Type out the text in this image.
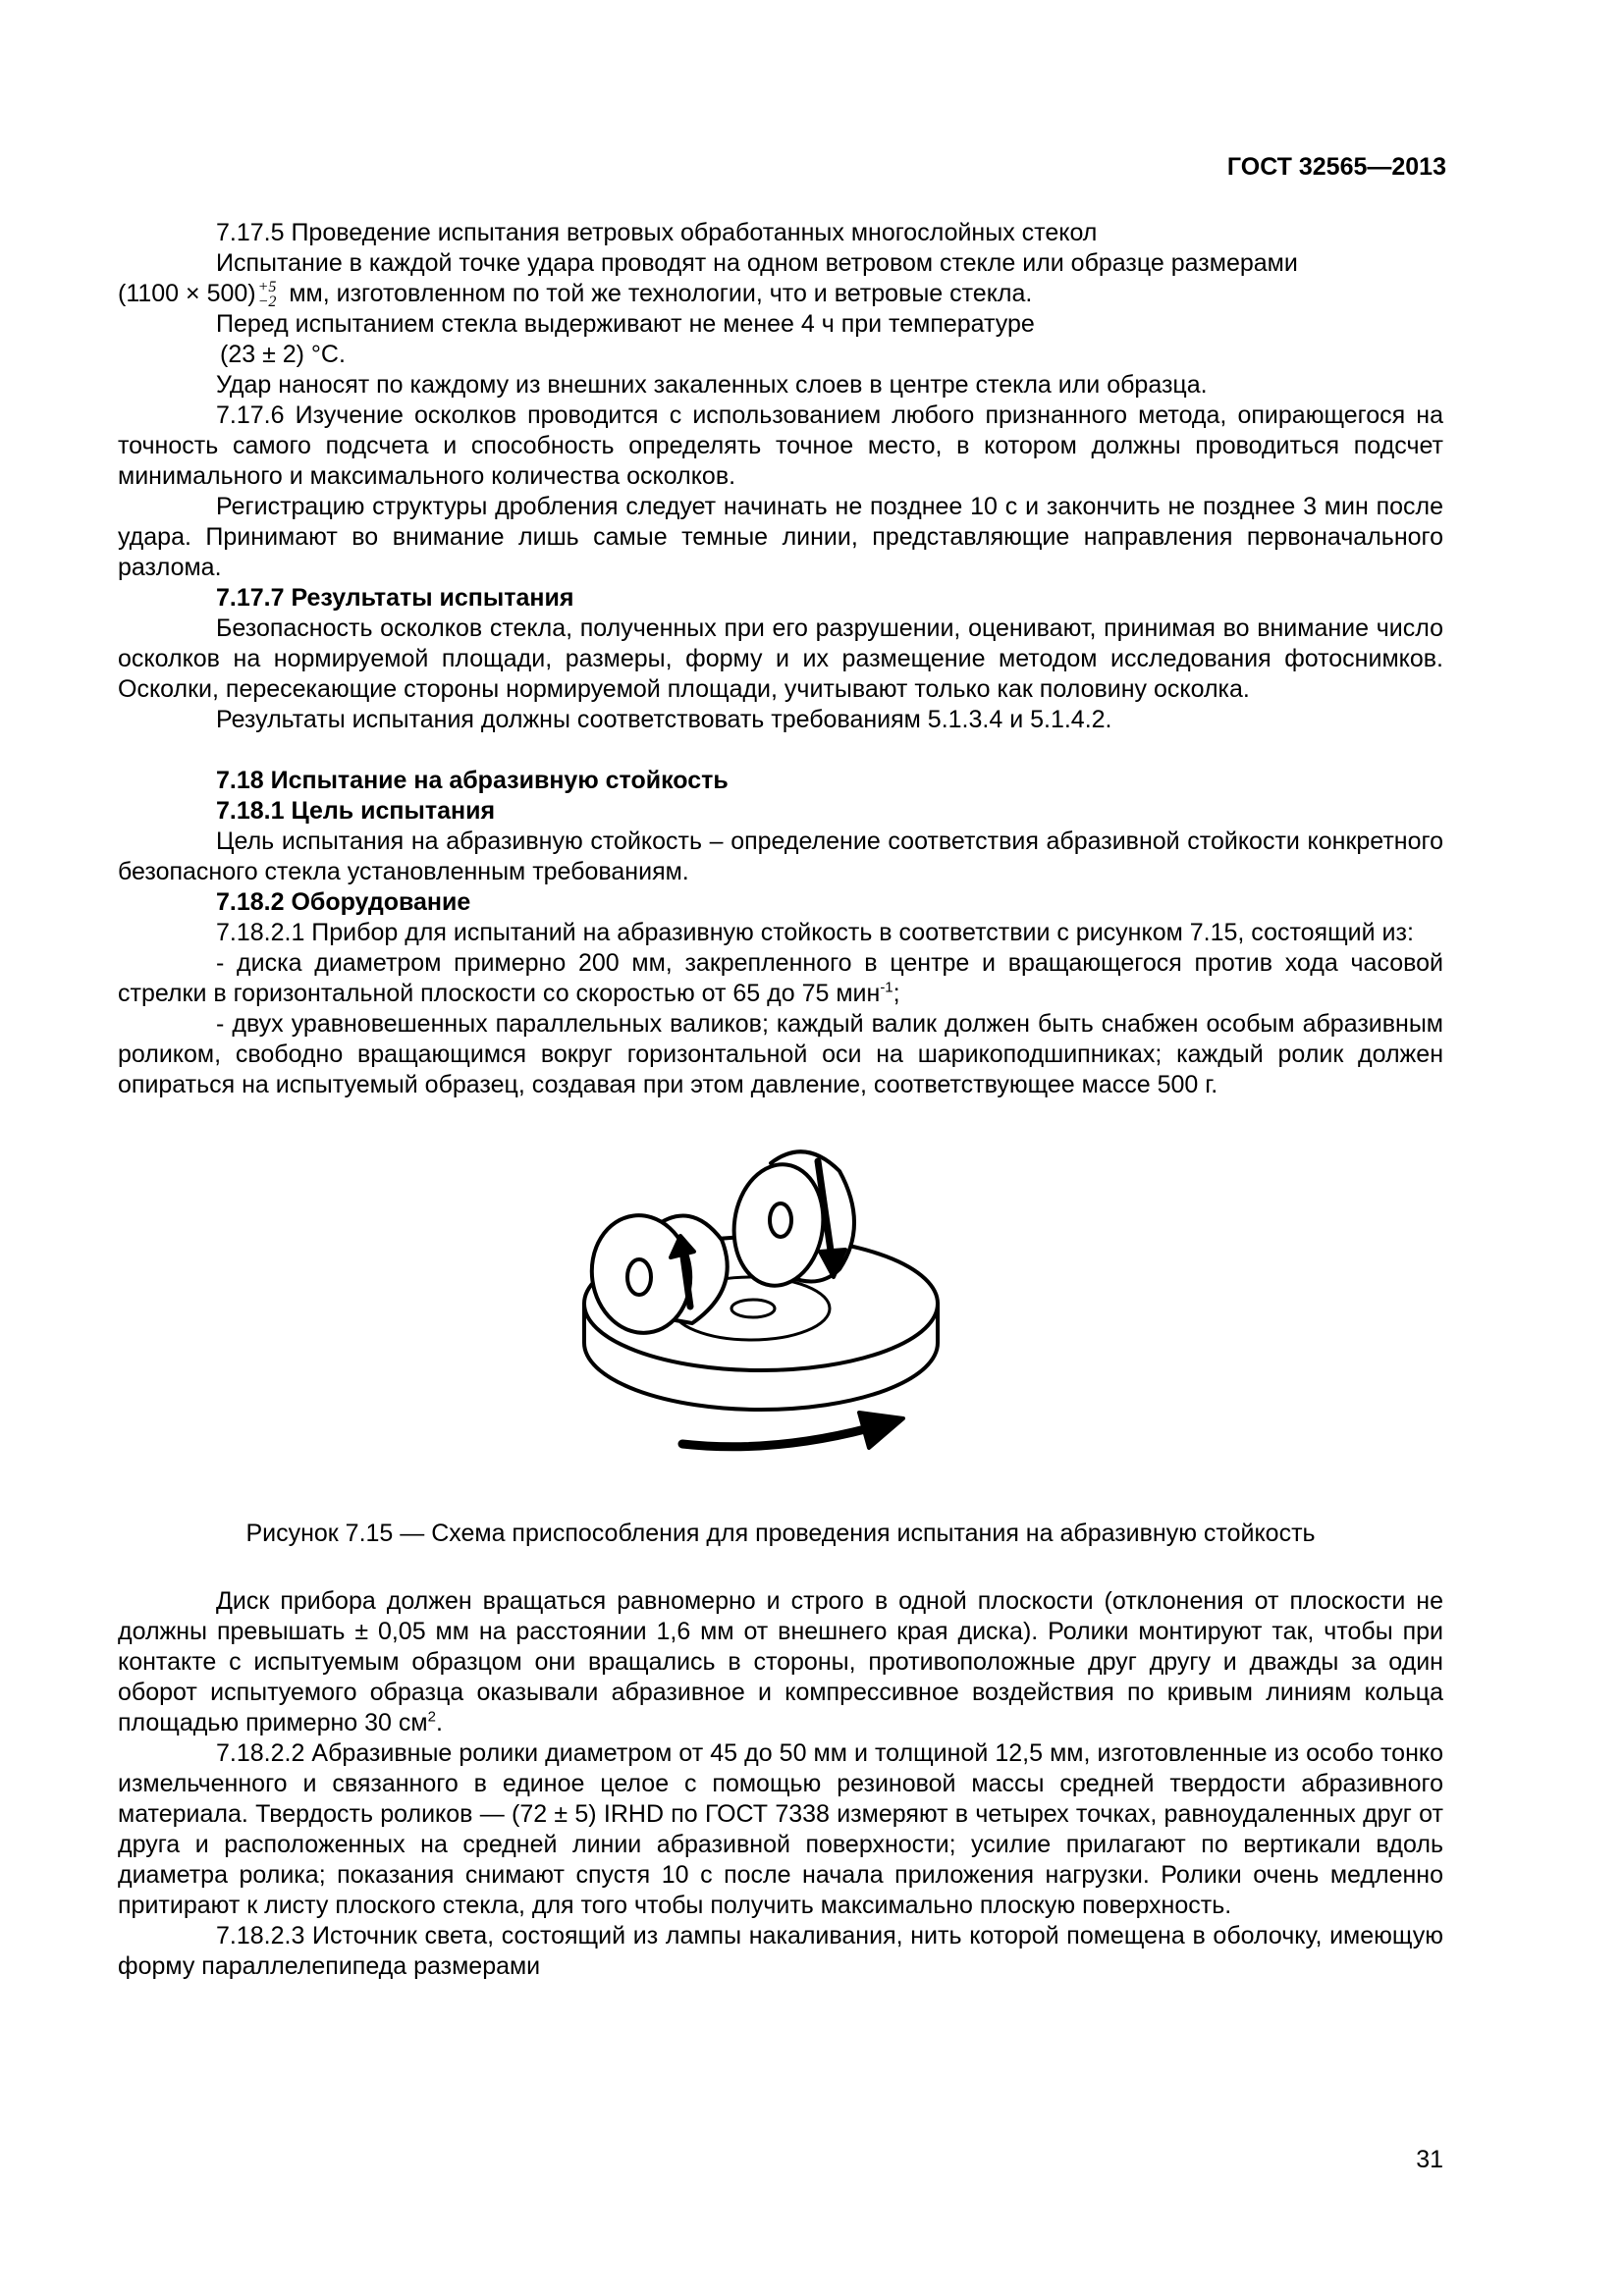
ГОСТ 32565—2013

7.17.5 Проведение испытания ветровых обработанных многослойных стекол

Испытание в каждой точке удара проводят на одном ветровом стекле или образце размерами

(1100 × 500) +5
−2 мм, изготовленном по той же технологии, что и ветровые стекла.

Перед испытанием стекла выдерживают не менее 4 ч при температуре

(23 ± 2) °С.

Удар наносят по каждому из внешних закаленных слоев в центре стекла или образца.

7.17.6 Изучение осколков проводится с использованием любого признанного метода, опирающегося на точность самого подсчета и способность определять точное место, в котором должны проводиться подсчет минимального и максимального количества осколков.

Регистрацию структуры дробления следует начинать не позднее 10 с и закончить не позднее 3 мин после удара. Принимают во внимание лишь самые темные линии, представляющие направления первоначального разлома.

7.17.7 Результаты испытания

Безопасность осколков стекла, полученных при его разрушении, оценивают, принимая во внимание число осколков на нормируемой площади, размеры, форму и их размещение методом исследования фотоснимков. Осколки, пересекающие стороны нормируемой площади, учитывают только как половину осколка.

Результаты испытания должны соответствовать требованиям 5.1.3.4 и 5.1.4.2.

7.18 Испытание на абразивную стойкость

7.18.1 Цель испытания

Цель испытания на абразивную стойкость – определение соответствия абразивной стойкости конкретного безопасного стекла установленным требованиям.

7.18.2 Оборудование

7.18.2.1 Прибор для испытаний на абразивную стойкость в соответствии с рисунком 7.15, состоящий из:

- диска диаметром примерно 200 мм, закрепленного в центре и вращающегося против хода часовой стрелки в горизонтальной плоскости со скоростью от 65 до 75 мин$^{-1}$;

- двух уравновешенных параллельных валиков; каждый валик должен быть снабжен особым абразивным роликом, свободно вращающимся вокруг горизонтальной оси на шарикоподшипниках; каждый ролик должен опираться на испытуемый образец, создавая при этом давление, соответствующее массе 500 г.

Рисунок 7.15 — Схема приспособления для проведения испытания на абразивную стойкость

Диск прибора должен вращаться равномерно и строго в одной плоскости (отклонения от плоскости не должны превышать ± 0,05 мм на расстоянии 1,6 мм от внешнего края диска). Ролики монтируют так, чтобы при контакте с испытуемым образцом они вращались в стороны, противоположные друг другу и дважды за один оборот испытуемого образца оказывали абразивное и компрессивное воздействия по кривым линиям кольца площадью примерно 30 $см^2$.

7.18.2.2 Абразивные ролики диаметром от 45 до 50 мм и толщиной 12,5 мм, изготовленные из особо тонко измельченного и связанного в единое целое с помощью резиновой массы средней твердости абразивного материала. Твердость роликов — (72 ± 5) IRHD по ГОСТ 7338 измеряют в четырех точках, равноудаленных друг от друга и расположенных на средней линии абразивной поверхности; усилие прилагают по вертикали вдоль диаметра ролика; показания снимают спустя 10 с после начала приложения нагрузки. Ролики очень медленно притирают к листу плоского стекла, для того чтобы получить максимально плоскую поверхность.

7.18.2.3 Источник света, состоящий из лампы накаливания, нить которой помещена в оболочку, имеющую форму параллелепипеда размерами

31
